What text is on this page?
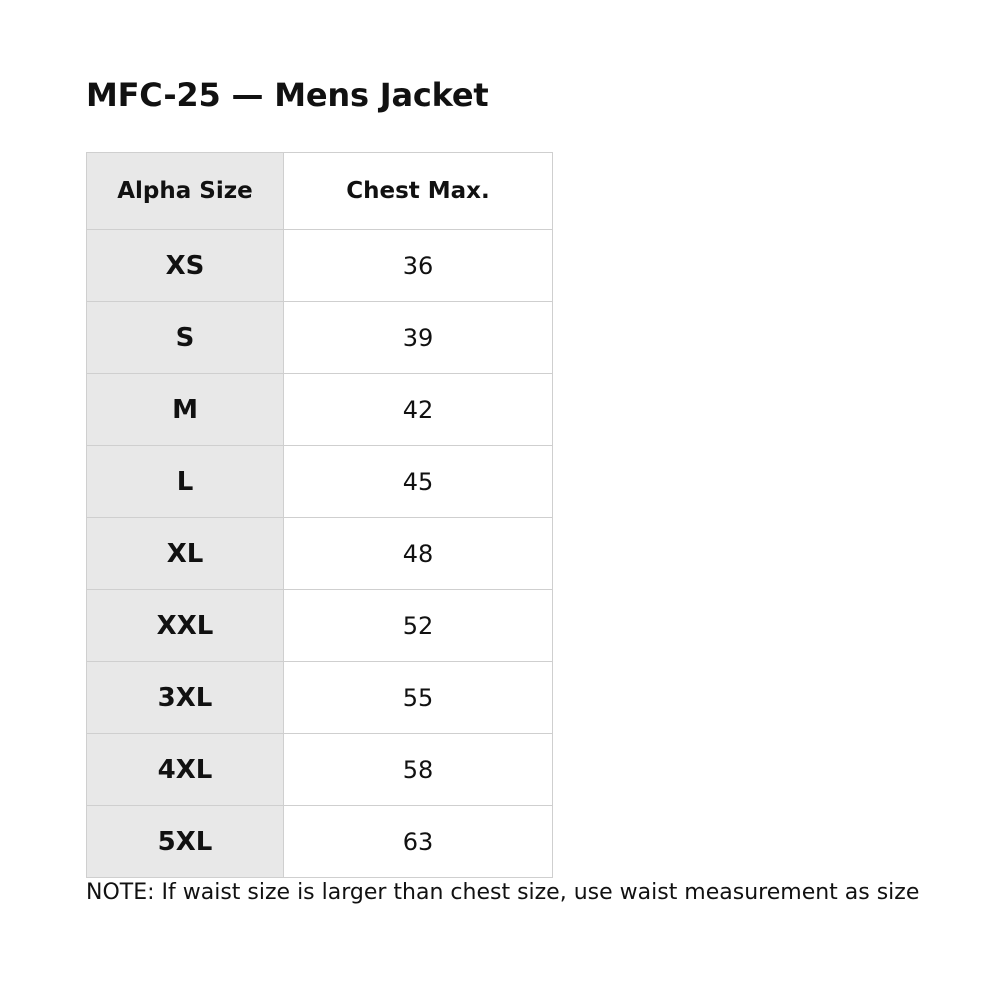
MFC-25 — Mens Jacket
Alpha Size	Chest Max.
XS	36
S	39
M	42
L	45
XL	48
XXL	52
3XL	55
4XL	58
5XL	63
NOTE: If waist size is larger than chest size, use waist measurement as size
